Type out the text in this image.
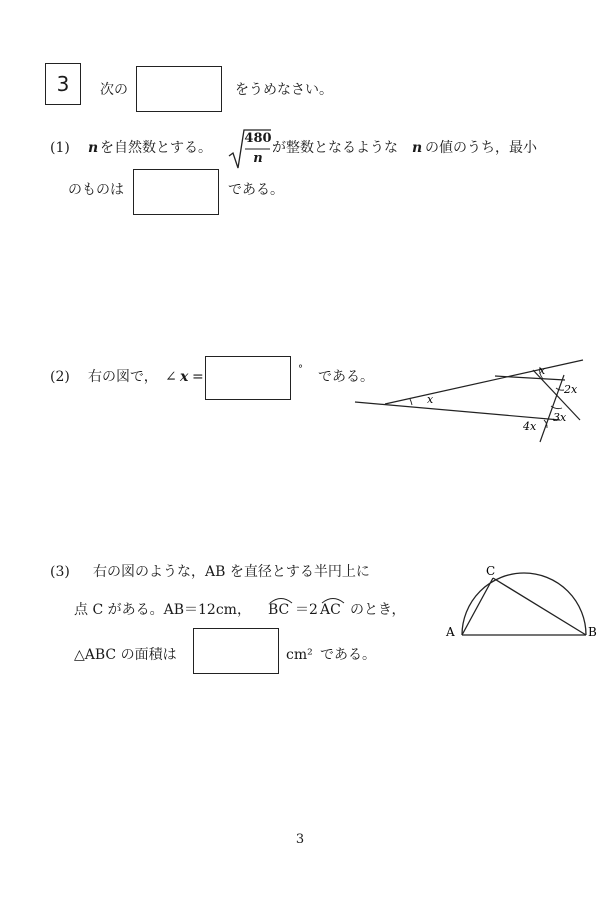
3	次の	をうめなさい。
(1) n を自然数とする。
480
n
が整数となるような n の値のうち，最小
のものは	である。
(2) 右の図で， ∠ x =	° である。
x
x
2x
3x
4x
(3) 右の図のような，AB を直径とする半円上に
点 C がある。AB＝12cm， BC ＝2 AC のとき，
△ABC の面積は	cm² である。
A	B
C
3
